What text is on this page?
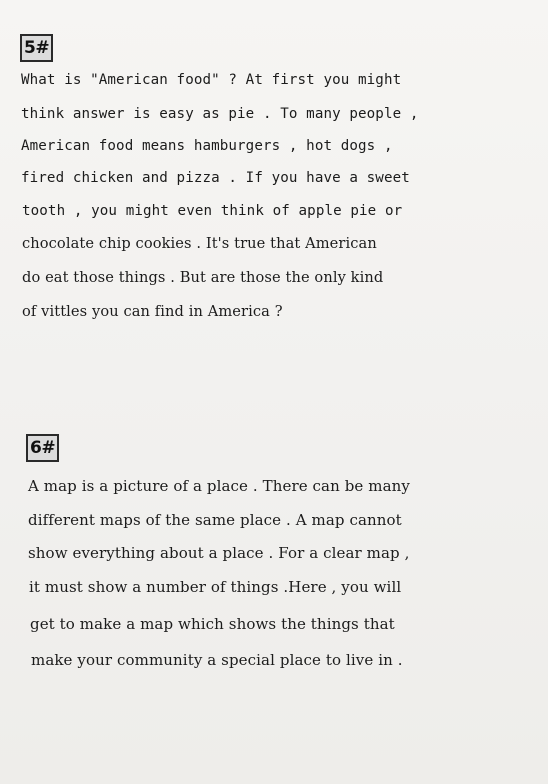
5#
What is "American food" ? At first you might
think answer is easy as pie . To many people ,
American food means hamburgers , hot dogs ,
fired chicken and pizza . If you have a sweet
tooth , you might even think of apple pie or
chocolate chip cookies . It's true that American
do eat those things . But are those the only kind
of vittles you can find in America ?
6#
A map is a picture of a place . There can be many
different maps of the same place . A map cannot
show everything about a place . For a clear map ,
it must show a number of things .Here , you will
get to make a map which shows the things that
make your community a special place to live in .
